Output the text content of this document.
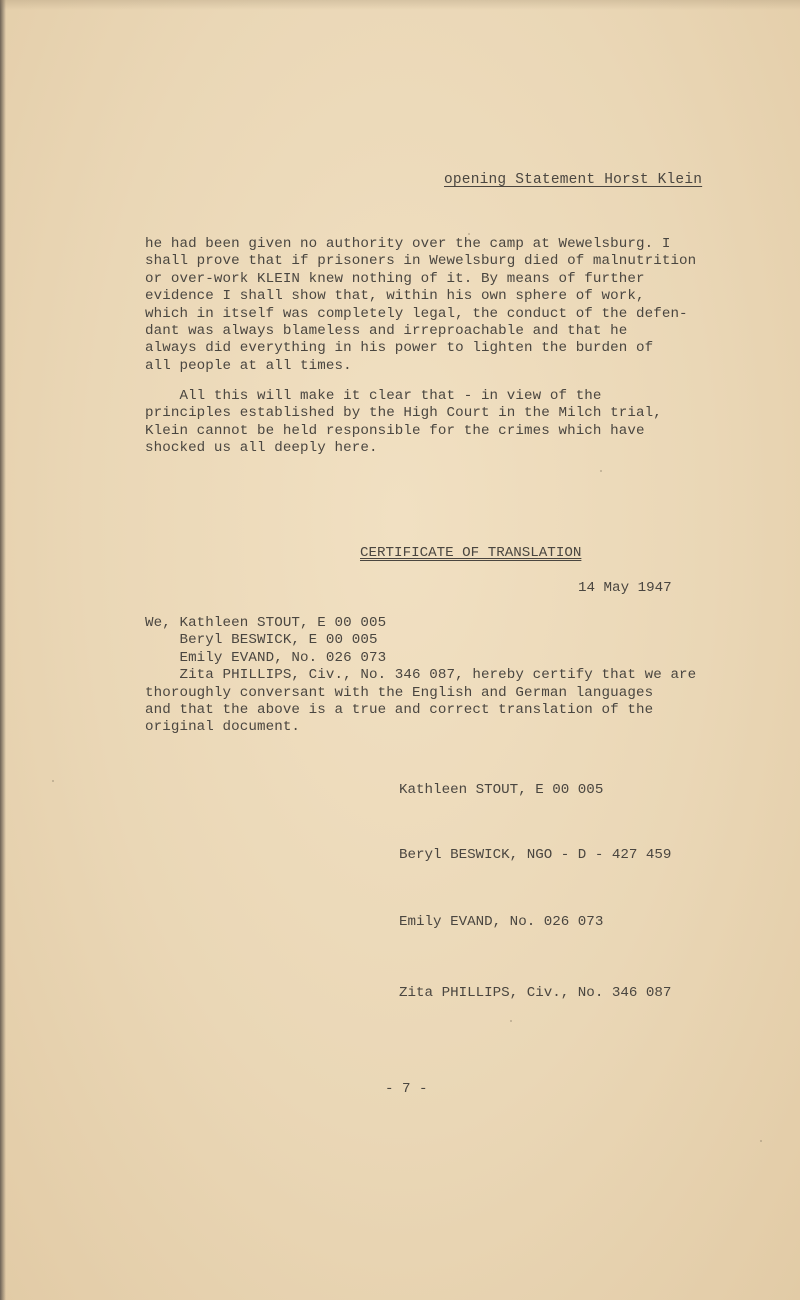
opening Statement Horst Klein
he had been given no authority over the camp at Wewelsburg. I
shall prove that if prisoners in Wewelsburg died of malnutrition
or over-work KLEIN knew nothing of it. By means of further
evidence I shall show that, within his own sphere of work,
which in itself was completely legal, the conduct of the defen-
dant was always blameless and irreproachable and that he
always did everything in his power to lighten the burden of
all people at all times.
All this will make it clear that - in view of the
principles established by the High Court in the Milch trial,
Klein cannot be held responsible for the crimes which have
shocked us all deeply here.
CERTIFICATE OF TRANSLATION
14 May 1947
We, Kathleen STOUT, E 00 005
Beryl BESWICK, E 00 005
Emily EVAND, No. 026 073
Zita PHILLIPS, Civ., No. 346 087, hereby certify that we are
thoroughly conversant with the English and German languages
and that the above is a true and correct translation of the
original document.
Kathleen STOUT, E 00 005
Beryl BESWICK, NGO - D - 427 459
Emily EVAND, No. 026 073
Zita PHILLIPS, Civ., No. 346 087
- 7 -
